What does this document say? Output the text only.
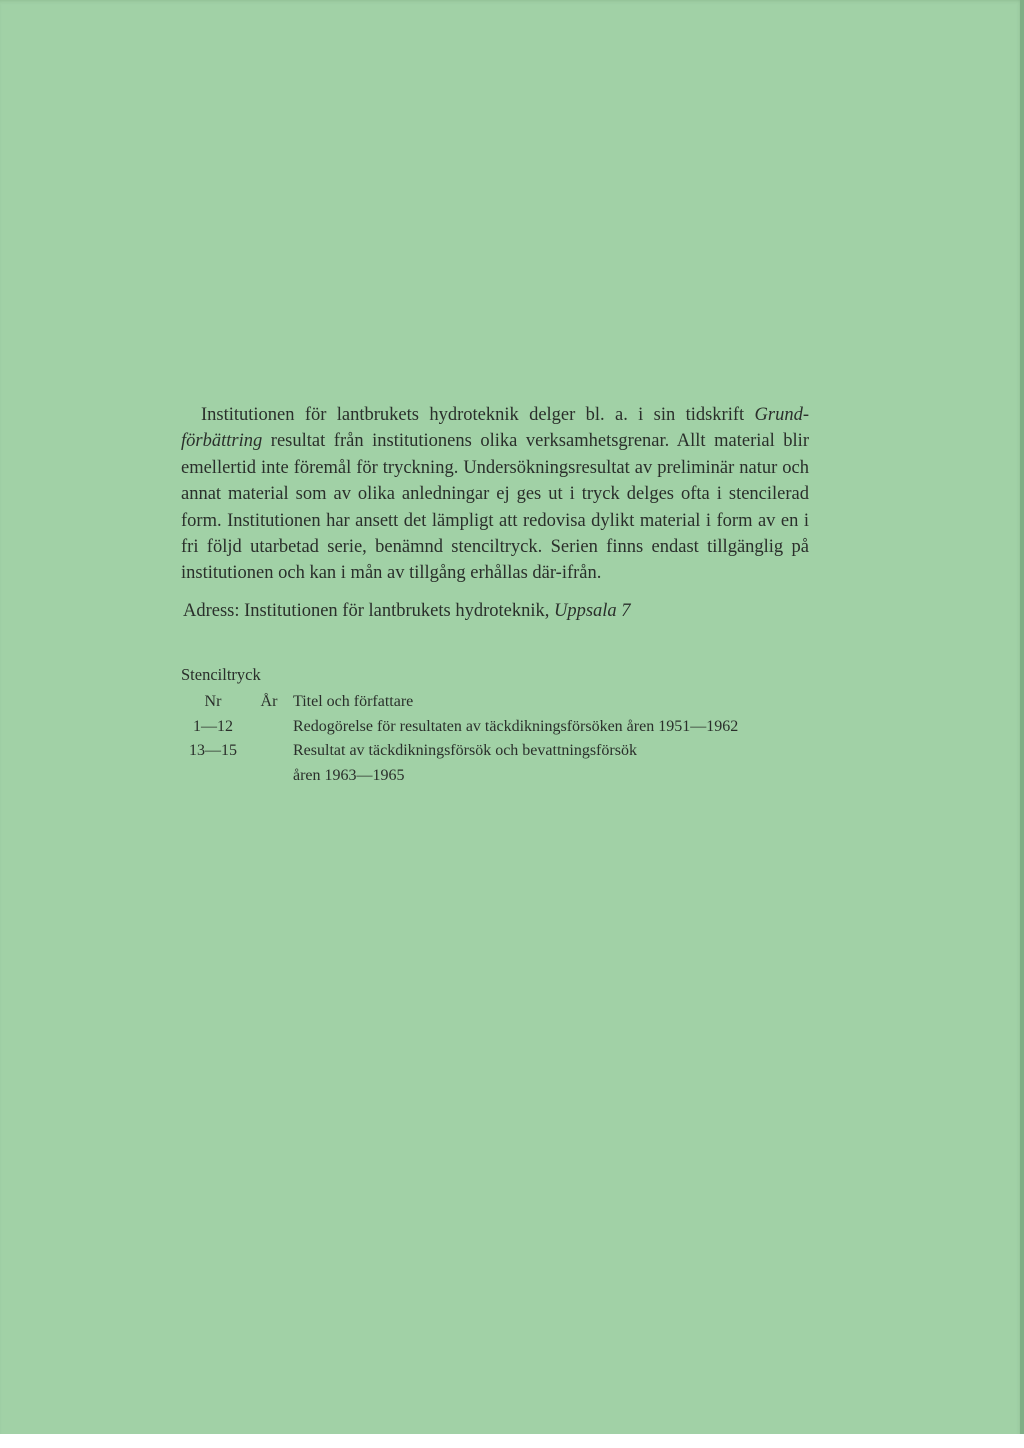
Institutionen för lantbrukets hydroteknik delger bl. a. i sin tidskrift Grund-förbättring resultat från institutionens olika verksamhetsgrenar. Allt material blir emellertid inte föremål för tryckning. Undersökningsresultat av preliminär natur och annat material som av olika anledningar ej ges ut i tryck delges ofta i stencilerad form. Institutionen har ansett det lämpligt att redovisa dylikt material i form av en i fri följd utarbetad serie, benämnd stenciltryck. Serien finns endast tillgänglig på institutionen och kan i mån av tillgång erhållas där-ifrån.

Adress: Institutionen för lantbrukets hydroteknik, Uppsala 7

Stenciltryck
Nr	År	Titel och författare
1—12		Redogörelse för resultaten av täckdikningsförsöken åren 1951—1962
13—15		Resultat av täckdikningsförsök och bevattningsförsök
åren 1963—1965
